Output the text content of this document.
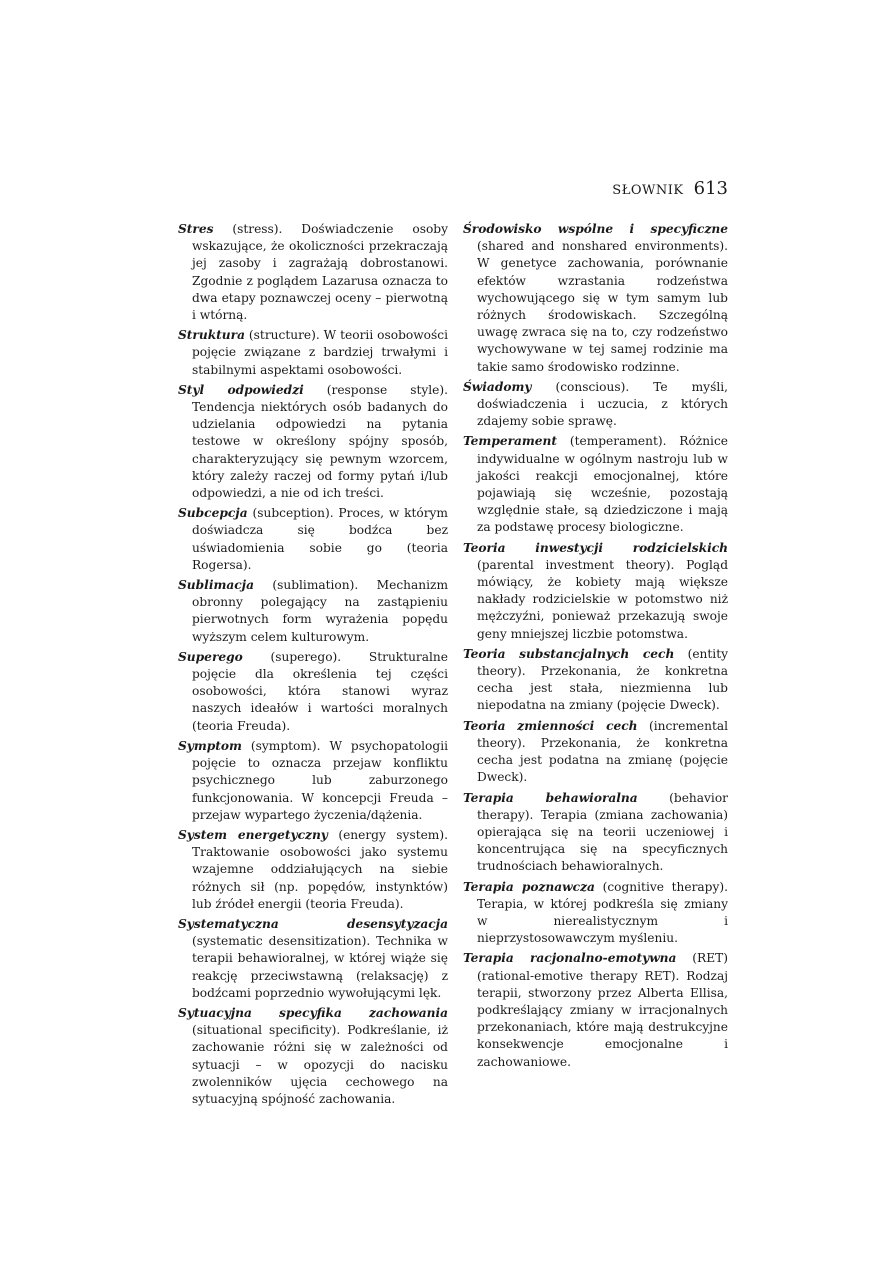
SŁOWNIK 613

Stres (stress). Doświadczenie osoby wskazujące, że okoliczności przekraczają jej zasoby i zagrażają dobrostanowi. Zgodnie z poglądem Lazarusa oznacza to dwa etapy poznawczej oceny – pierwotną i wtórną.

Struktura (structure). W teorii osobowości pojęcie związane z bardziej trwałymi i stabilnymi aspektami osobowości.

Styl odpowiedzi (response style). Tendencja niektórych osób badanych do udzielania odpowiedzi na pytania testowe w określony spójny sposób, charakteryzujący się pewnym wzorcem, który zależy raczej od formy pytań i/lub odpowiedzi, a nie od ich treści.

Subcepcja (subception). Proces, w którym doświadcza się bodźca bez uświadomienia sobie go (teoria Rogersa).

Sublimacja (sublimation). Mechanizm obronny polegający na zastąpieniu pierwotnych form wyrażenia popędu wyższym celem kulturowym.

Superego (superego). Strukturalne pojęcie dla określenia tej części osobowości, która stanowi wyraz naszych ideałów i wartości moralnych (teoria Freuda).

Symptom (symptom). W psychopatologii pojęcie to oznacza przejaw konfliktu psychicznego lub zaburzonego funkcjonowania. W koncepcji Freuda – przejaw wypartego życzenia/dążenia.

System energetyczny (energy system). Traktowanie osobowości jako systemu wzajemne oddziałujących na siebie różnych sił (np. popędów, instynktów) lub źródeł energii (teoria Freuda).

Systematyczna desensytyzacja (systematic desensitization). Technika w terapii behawioralnej, w której wiąże się reakcję przeciwstawną (relaksację) z bodźcami poprzednio wywołującymi lęk.

Sytuacyjna specyfika zachowania (situational specificity). Podkreślanie, iż zachowanie różni się w zależności od sytuacji – w opozycji do nacisku zwolenników ujęcia cechowego na sytuacyjną spójność zachowania.

Środowisko wspólne i specyficzne (shared and nonshared environments). W genetyce zachowania, porównanie efektów wzrastania rodzeństwa wychowującego się w tym samym lub różnych środowiskach. Szczególną uwagę zwraca się na to, czy rodzeństwo wychowywane w tej samej rodzinie ma takie samo środowisko rodzinne.

Świadomy (conscious). Te myśli, doświadczenia i uczucia, z których zdajemy sobie sprawę.

Temperament (temperament). Różnice indywidualne w ogólnym nastroju lub w jakości reakcji emocjonalnej, które pojawiają się wcześnie, pozostają względnie stałe, są dziedziczone i mają za podstawę procesy biologiczne.

Teoria inwestycji rodzicielskich (parental investment theory). Pogląd mówiący, że kobiety mają większe nakłady rodzicielskie w potomstwo niż mężczyźni, ponieważ przekazują swoje geny mniejszej liczbie potomstwa.

Teoria substancjalnych cech (entity theory). Przekonania, że konkretna cecha jest stała, niezmienna lub niepodatna na zmiany (pojęcie Dweck).

Teoria zmienności cech (incremental theory). Przekonania, że konkretna cecha jest podatna na zmianę (pojęcie Dweck).

Terapia behawioralna (behavior therapy). Terapia (zmiana zachowania) opierająca się na teorii uczeniowej i koncentrująca się na specyficznych trudnościach behawioralnych.

Terapia poznawcza (cognitive therapy). Terapia, w której podkreśla się zmiany w nierealistycznym i nieprzystosowawczym myśleniu.

Terapia racjonalno-emotywna (RET) (rational-emotive therapy RET). Rodzaj terapii, stworzony przez Alberta Ellisa, podkreślający zmiany w irracjonalnych przekonaniach, które mają destrukcyjne konsekwencje emocjonalne i zachowaniowe.
